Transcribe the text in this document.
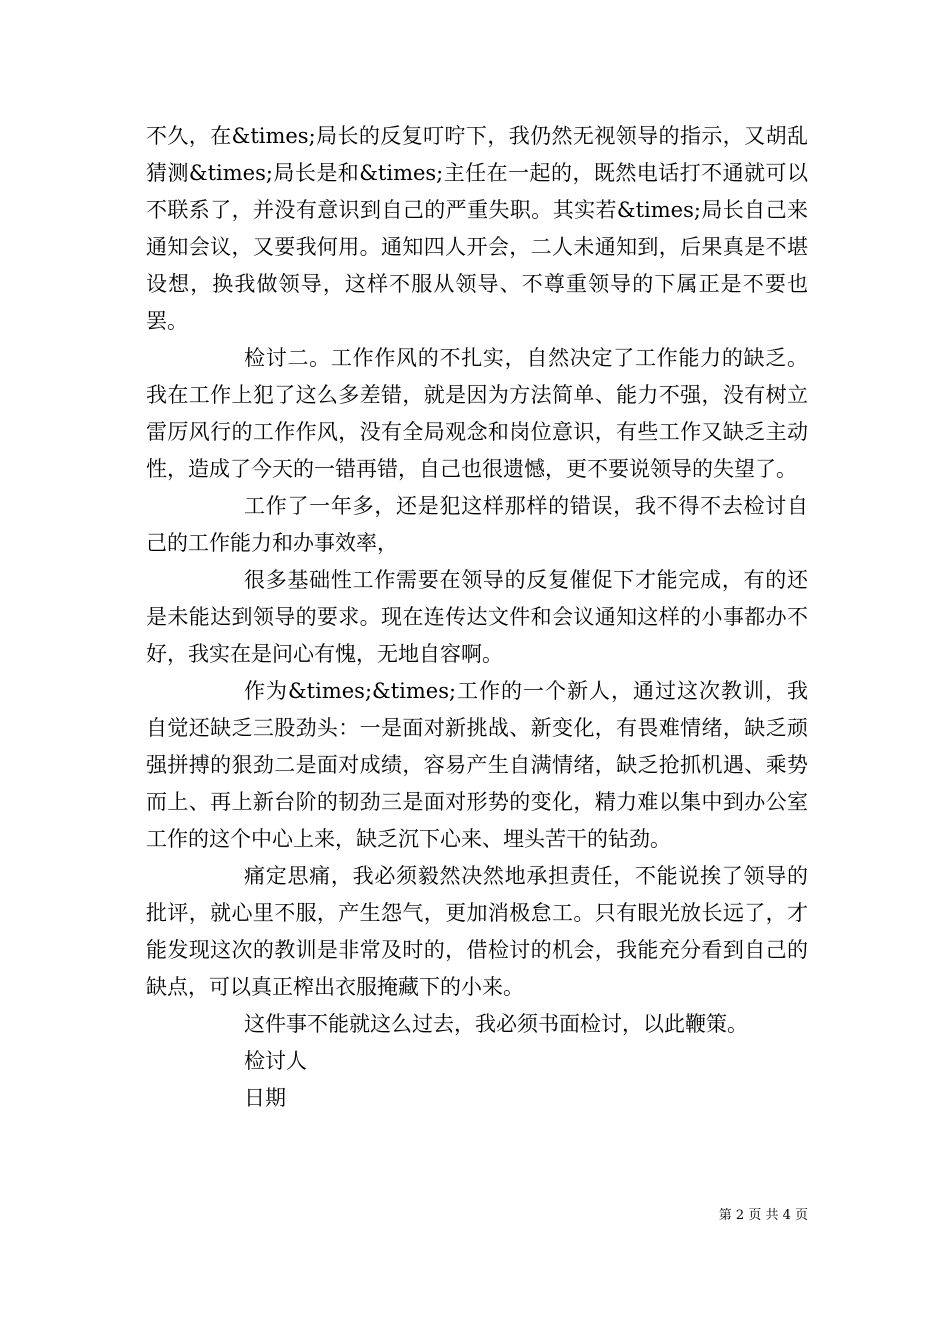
不久，在&times;局长的反复叮咛下，我仍然无视领导的指示，又胡乱猜测&times;局长是和&times;主任在一起的，既然电话打不通就可以不联系了，并没有意识到自己的严重失职。其实若&times;局长自己来通知会议，又要我何用。通知四人开会，二人未通知到，后果真是不堪设想，换我做领导，这样不服从领导、不尊重领导的下属正是不要也罢。

检讨二。工作作风的不扎实，自然决定了工作能力的缺乏。我在工作上犯了这么多差错，就是因为方法简单、能力不强，没有树立雷厉风行的工作作风，没有全局观念和岗位意识，有些工作又缺乏主动性，造成了今天的一错再错，自己也很遗憾，更不要说领导的失望了。

工作了一年多，还是犯这样那样的错误，我不得不去检讨自己的工作能力和办事效率，

很多基础性工作需要在领导的反复催促下才能完成，有的还是未能达到领导的要求。现在连传达文件和会议通知这样的小事都办不好，我实在是问心有愧，无地自容啊。

作为&times;&times;工作的一个新人，通过这次教训，我自觉还缺乏三股劲头：一是面对新挑战、新变化，有畏难情绪，缺乏顽强拼搏的狠劲二是面对成绩，容易产生自满情绪，缺乏抢抓机遇、乘势而上、再上新台阶的韧劲三是面对形势的变化，精力难以集中到办公室工作的这个中心上来，缺乏沉下心来、埋头苦干的钻劲。

痛定思痛，我必须毅然决然地承担责任，不能说挨了领导的批评，就心里不服，产生怨气，更加消极怠工。只有眼光放长远了，才能发现这次的教训是非常及时的，借检讨的机会，我能充分看到自己的缺点，可以真正榨出衣服掩藏下的小来。

这件事不能就这么过去，我必须书面检讨，以此鞭策。

检讨人

日期

第 2 页 共 4 页
